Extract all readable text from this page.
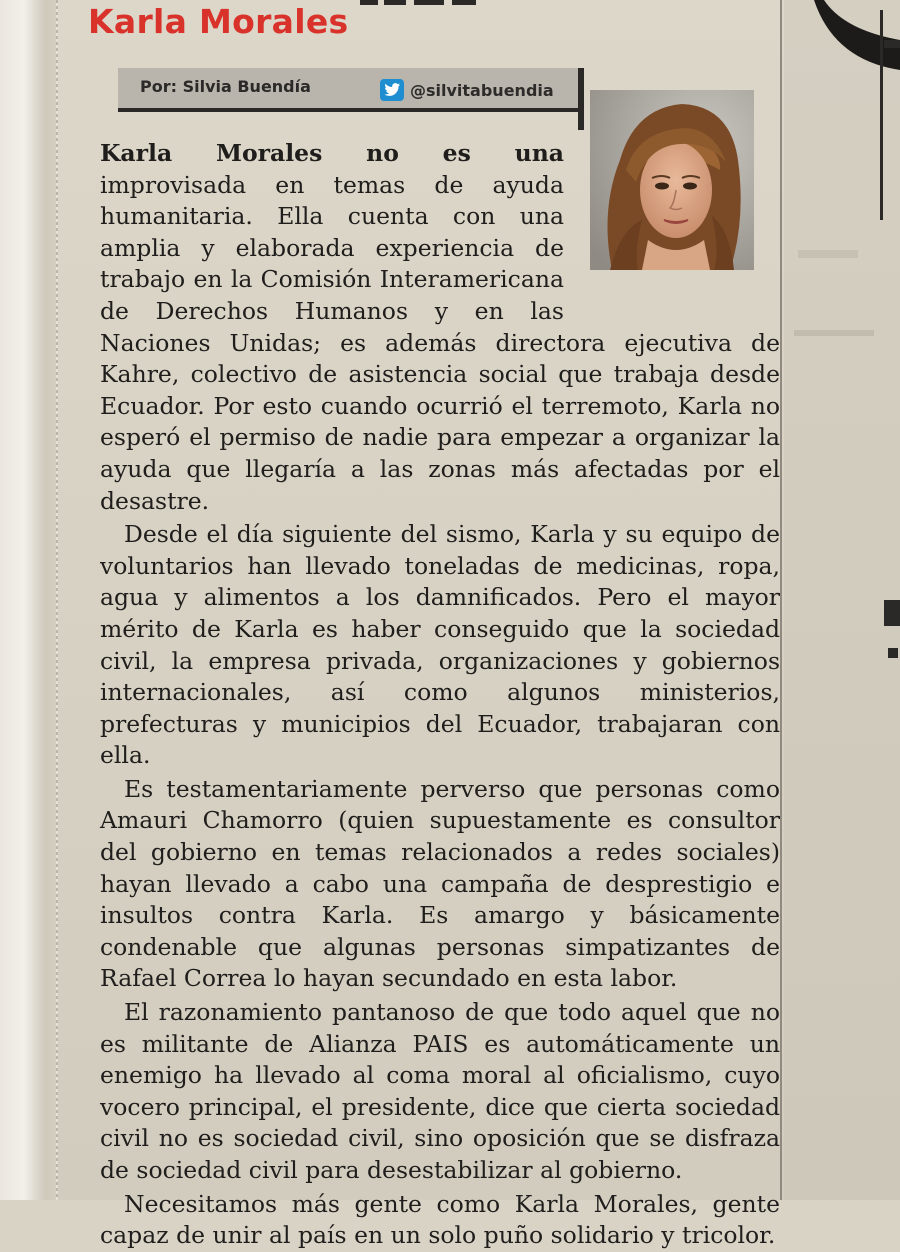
Karla Morales
Por: Silvia Buendía	@silvitabuendia

Karla Morales no es una improvisada en temas de ayuda humanitaria. Ella cuenta con una amplia y elaborada experiencia de trabajo en la Comisión Interamericana de Derechos Humanos y en las Naciones Unidas; es además directora ejecutiva de Kahre, colectivo de asistencia social que trabaja desde Ecuador. Por esto cuando ocurrió el terremoto, Karla no esperó el permiso de nadie para empezar a organizar la ayuda que llegaría a las zonas más afectadas por el desastre.

Desde el día siguiente del sismo, Karla y su equipo de voluntarios han llevado toneladas de medicinas, ropa, agua y alimentos a los damnificados. Pero el mayor mérito de Karla es haber conseguido que la sociedad civil, la empresa privada, organizaciones y gobiernos internacionales, así como algunos ministerios, prefecturas y municipios del Ecuador, trabajaran con ella.

Es testamentariamente perverso que personas como Amauri Chamorro (quien supuestamente es consultor del gobierno en temas relacionados a redes sociales) hayan llevado a cabo una campaña de desprestigio e insultos contra Karla. Es amargo y básicamente condenable que algunas personas simpatizantes de Rafael Correa lo hayan secundado en esta labor.

El razonamiento pantanoso de que todo aquel que no es militante de Alianza PAIS es automáticamente un enemigo ha llevado al coma moral al oficialismo, cuyo vocero principal, el presidente, dice que cierta sociedad civil no es sociedad civil, sino oposición que se disfraza de sociedad civil para desestabilizar al gobierno.

Necesitamos más gente como Karla Morales, gente capaz de unir al país en un solo puño solidario y tricolor.
